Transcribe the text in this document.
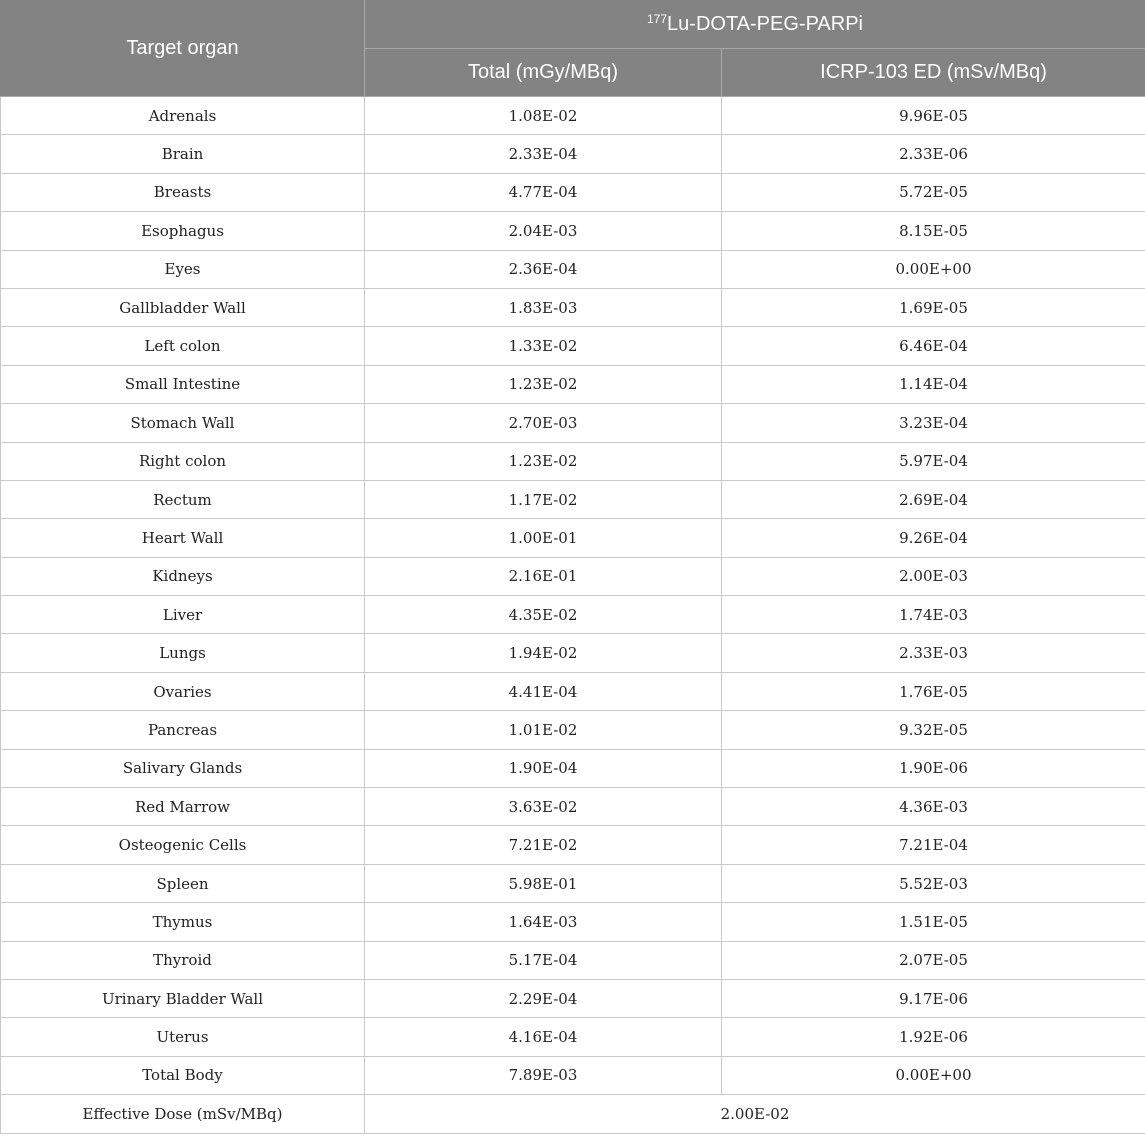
Target organ	$^{177}$Lu-DOTA-PEG-PARPi	
	Total (mGy/MBq)	ICRP-103 ED (mSv/MBq)
Adrenals	1.08E-02	9.96E-05
Brain	2.33E-04	2.33E-06
Breasts	4.77E-04	5.72E-05
Esophagus	2.04E-03	8.15E-05
Eyes	2.36E-04	0.00E+00
Gallbladder Wall	1.83E-03	1.69E-05
Left colon	1.33E-02	6.46E-04
Small Intestine	1.23E-02	1.14E-04
Stomach Wall	2.70E-03	3.23E-04
Right colon	1.23E-02	5.97E-04
Rectum	1.17E-02	2.69E-04
Heart Wall	1.00E-01	9.26E-04
Kidneys	2.16E-01	2.00E-03
Liver	4.35E-02	1.74E-03
Lungs	1.94E-02	2.33E-03
Ovaries	4.41E-04	1.76E-05
Pancreas	1.01E-02	9.32E-05
Salivary Glands	1.90E-04	1.90E-06
Red Marrow	3.63E-02	4.36E-03
Osteogenic Cells	7.21E-02	7.21E-04
Spleen	5.98E-01	5.52E-03
Thymus	1.64E-03	1.51E-05
Thyroid	5.17E-04	2.07E-05
Urinary Bladder Wall	2.29E-04	9.17E-06
Uterus	4.16E-04	1.92E-06
Total Body	7.89E-03	0.00E+00
Effective Dose (mSv/MBq)	2.00E-02	
